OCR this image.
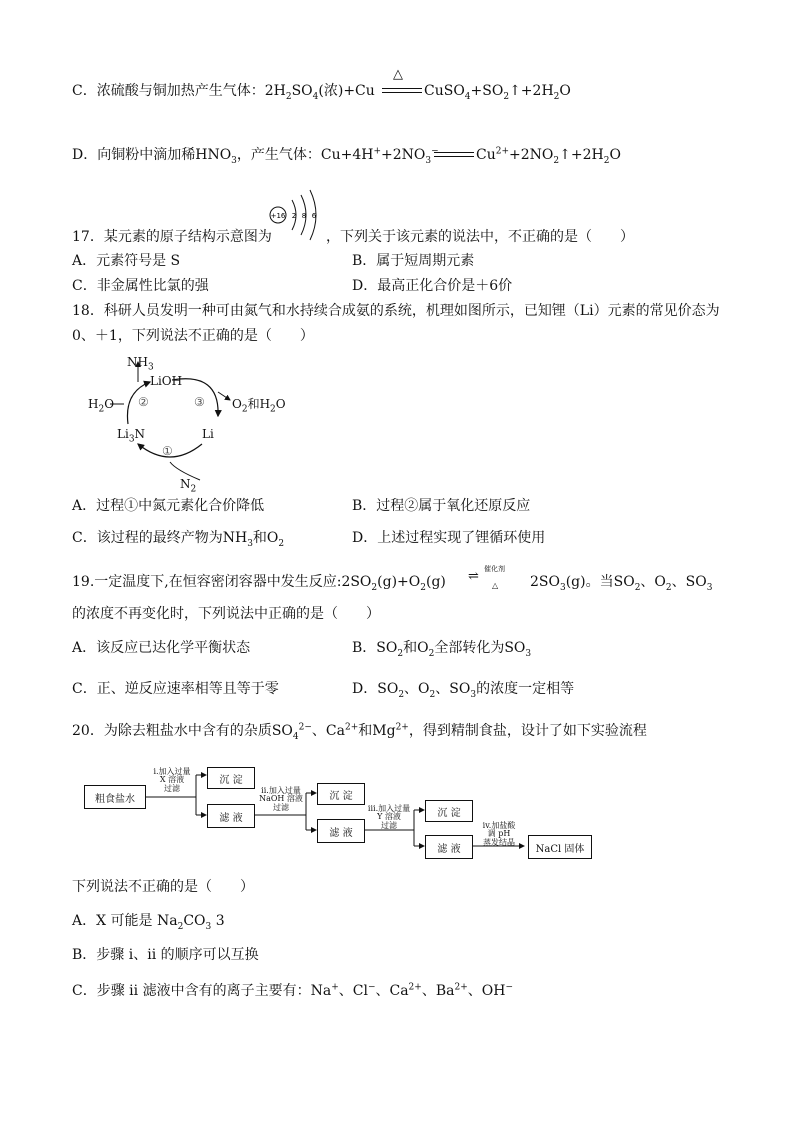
C．浓硫酸与铜加热产生气体：$2H_2SO_4$(浓)+Cu
△
$CuSO_4+SO_2↑+2H_2O$
D．向铜粉中滴加稀$HNO_3$，产生气体：$Cu+4H^++2NO_3^-$	$Cu^{2+}+2NO_2↑+2H_2O$
+16 2 8 6
17．某元素的原子结构示意图为	，下列关于该元素的说法中，不正确的是（　　）
A．元素符号是 S	B．属于短周期元素
C．非金属性比氯的强	D．最高正化合价是＋6价
18．科研人员发明一种可由氮气和水持续合成氨的系统，机理如图所示，已知锂（Li）元素的常见价态为
0、＋1，下列说法不正确的是（　　）
$NH_3$
LiOH
$H_2O$ ②	③ $O_2$和$H_2O$
$Li_3N$	Li
①
$N_2$
A．过程①中氮元素化合价降低	B．过程②属于氧化还原反应
C．该过程的最终产物为$NH_3$和$O_2$	D．上述过程实现了锂循环使用
19.一定温度下,在恒容密闭容器中发生反应$:2SO_2(g)+O_2(g)$ ⇌ 催化剂
△ $2SO_3(g)$。当$SO_2$、$O_2$、$SO_3$
的浓度不再变化时，下列说法中正确的是（　　）
A．该反应已达化学平衡状态	B．$SO_2$和$O_2$全部转化为$SO_3$
C．正、逆反应速率相等且等于零	D．$SO_2$、$O_2$、$SO_3$的浓度一定相等
20．为除去粗盐水中含有的杂质$SO_4^{2-}$、$Ca^{2+}$和$Mg^{2+}$，得到精制食盐，设计了如下实验流程
粗食盐水
i.加入过量
X 溶液
过滤
沉 淀
滤 液
ii.加入过量
NaOH 溶液
过滤
沉 淀
滤 液
iii.加入过量
Y 溶液
过滤
沉 淀
滤 液
iv.加盐酸
调 pH
蒸发结晶
NaCl 固体
下列说法不正确的是（　　）
A．X 可能是 $Na_2CO_3$ 3
B．步骤 i、ii 的顺序可以互换
C．步骤 ii 滤液中含有的离子主要有：Na+、Cl−、$Ca^{2+}$、$Ba^{2+}$、OH−
